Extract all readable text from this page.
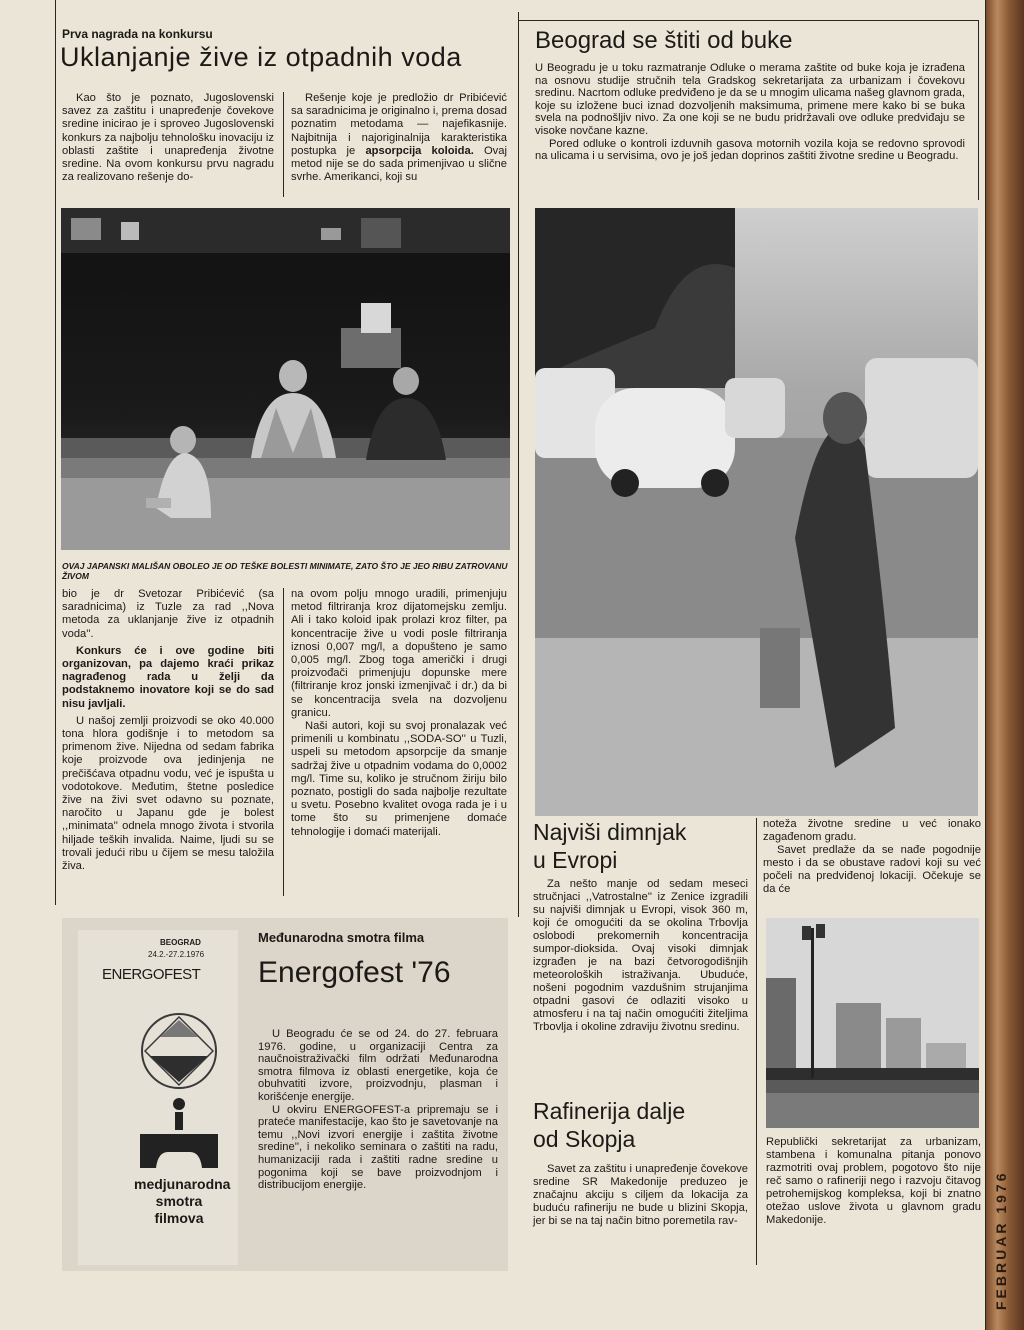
FEBRUAR 1976
Prva nagrada na konkursu
Uklanjanje žive iz otpadnih voda

Kao što je poznato, Jugoslovenski savez za zaštitu i unapređenje čovekove sredine inicirao je i sproveo Jugoslovenski konkurs za najbolju tehnološku inovaciju iz oblasti zaštite i unapređenja životne sredine. Na ovom konkursu prvu nagradu za realizovano rešenje do-

Rešenje koje je predložio dr Pribićević sa saradnicima je originalno i, prema dosad poznatim metodama — najefikasnije. Najbitnija i najoriginalnija karakteristika postupka je apsorpcija koloida. Ovaj metod nije se do sada primenjivao u slične svrhe. Amerikanci, koji su

OVAJ JAPANSKI MALIŠAN OBOLEO JE OD TEŠKE BOLESTI MINIMATE, ZATO ŠTO JE JEO RIBU ZATROVANU ŽIVOM

bio je dr Svetozar Pribićević (sa saradnicima) iz Tuzle za rad ,,Nova metoda za uklanjanje žive iz otpadnih voda''.

Konkurs će i ove godine biti organizovan, pa dajemo kraći prikaz nagrađenog rada u želji da podstaknemo inovatore koji se do sad nisu javljali.

U našoj zemlji proizvodi se oko 40.000 tona hlora godišnje i to metodom sa primenom žive. Nijedna od sedam fabrika koje proizvode ova jedinjenja ne prečišćava otpadnu vodu, već je ispušta u vodotokove. Međutim, štetne posledice žive na živi svet odavno su poznate, naročito u Japanu gde je bolest ,,minimata'' odnela mnogo života i stvorila hiljade teških invalida. Naime, ljudi su se trovali jedući ribu u čijem se mesu taložila živa.

na ovom polju mnogo uradili, primenjuju metod filtriranja kroz dijatomejsku zemlju. Ali i tako koloid ipak prolazi kroz filter, pa koncentracije žive u vodi posle filtriranja iznosi 0,007 mg/l, a dopušteno je samo 0,005 mg/l. Zbog toga američki i drugi proizvođači primenjuju dopunske mere (filtriranje kroz jonski izmenjivač i dr.) da bi se koncentracija svela na dozvoljenu granicu.

Naši autori, koji su svoj pronalazak već primenili u kombinatu ,,SODA-SO'' u Tuzli, uspeli su metodom apsorpcije da smanje sadržaj žive u otpadnim vodama do 0,0002 mg/l. Time su, koliko je stručnom žiriju bilo poznato, postigli do sada najbolje rezultate u svetu. Posebno kvalitet ovoga rada je i u tome što su primenjene domaće tehnologije i domaći materijali.

Beograd se štiti od buke

U Beogradu je u toku razmatranje Odluke o merama zaštite od buke koja je izrađena na osnovu studije stručnih tela Gradskog sekretarijata za urbanizam i čovekovu sredinu. Nacrtom odluke predviđeno je da se u mnogim ulicama našeg glavnom grada, koje su izložene buci iznad dozvoljenih maksimuma, primene mere kako bi se buka svela na podnošljiv nivo. Za one koji se ne budu pridržavali ove odluke predviđaju se visoke novčane kazne.

Pored odluke o kontroli izduvnih gasova motornih vozila koja se redovno sprovodi na ulicama i u servisima, ovo je još jedan doprinos zaštiti životne sredine u Beogradu.

Najviši dimnjak
u Evropi

Za nešto manje od sedam meseci stručnjaci ,,Vatrostalne'' iz Zenice izgradili su najviši dimnjak u Evropi, visok 360 m, koji će omogućiti da se okolina Trbovlja oslobodi prekomernih koncentracija sumpor-dioksida. Ovaj visoki dimnjak izgrađen je na bazi četvorogodišnjih meteoroloških istraživanja. Ubuduće, nošeni pogodnim vazdušnim strujanjima otpadni gasovi će odlaziti visoko u atmosferu i na taj način omogućiti žiteljima Trbovlja i okoline zdraviju životnu sredinu.

Rafinerija dalje
od Skopja

Savet za zaštitu i unapređenje čovekove sredine SR Makedonije preduzeo je značajnu akciju s ciljem da lokacija za buduću rafineriju ne bude u blizini Skopja, jer bi se na taj način bitno poremetila rav-

noteža životne sredine u već ionako zagađenom gradu.

Savet predlaže da se nađe pogodnije mesto i da se obustave radovi koji su već počeli na predviđenoj lokaciji. Očekuje se da će

Republički sekretarijat za urbanizam, stambena i komunalna pitanja ponovo razmotriti ovaj problem, pogotovo što nije reč samo o rafineriji nego i razvoju čitavog petrohemijskog kompleksa, koji bi znatno otežao uslove života u glavnom gradu Makedonije.

BEOGRAD
24.2.-27.2.1976
ENERGOFEST
medjunarodna
smotra
filmova
Međunarodna smotra filma
Energofest '76

U Beogradu će se od 24. do 27. februara 1976. godine, u organizaciji Centra za naučnoistraživački film održati Međunarodna smotra filmova iz oblasti energetike, koja će obuhvatiti izvore, proizvodnju, plasman i korišćenje energije.

U okviru ENERGOFEST-a pripremaju se i prateće manifestacije, kao što je savetovanje na temu ,,Novi izvori energije i zaštita životne sredine'', i nekoliko seminara o zaštiti na radu, humanizaciji rada i zaštiti radne sredine u pogonima koji se bave proizvodnjom i distribucijom energije.
